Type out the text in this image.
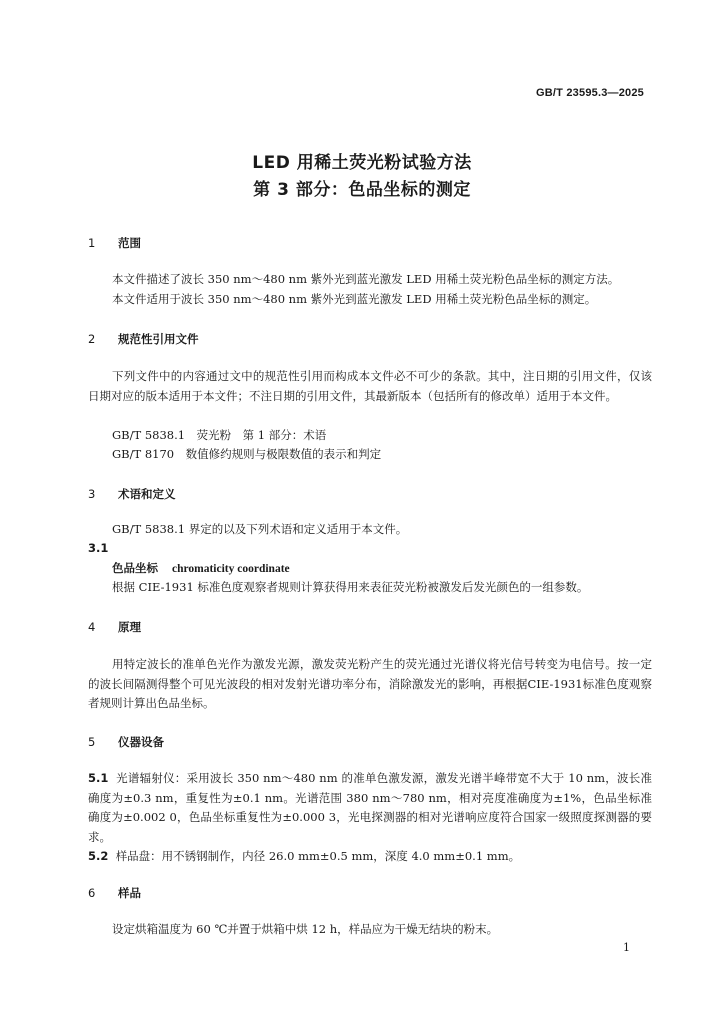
GB/T 23595.3—2025
LED 用稀土荧光粉试验方法
第 3 部分：色品坐标的测定
1 范围
本文件描述了波长 350 nm～480 nm 紫外光到蓝光激发 LED 用稀土荧光粉色品坐标的测定方法。
本文件适用于波长 350 nm～480 nm 紫外光到蓝光激发 LED 用稀土荧光粉色品坐标的测定。
2 规范性引用文件
下列文件中的内容通过文中的规范性引用而构成本文件必不可少的条款。其中，注日期的引用文件，仅该日期对应的版本适用于本文件；不注日期的引用文件，其最新版本（包括所有的修改单）适用于本文件。
GB/T 5838.1　荧光粉　第 1 部分：术语
GB/T 8170　数值修约规则与极限数值的表示和判定
3 术语和定义
GB/T 5838.1 界定的以及下列术语和定义适用于本文件。
3.1
色品坐标 chromaticity coordinate
根据 CIE-1931 标准色度观察者规则计算获得用来表征荧光粉被激发后发光颜色的一组参数。
4 原理
用特定波长的准单色光作为激发光源，激发荧光粉产生的荧光通过光谱仪将光信号转变为电信号。按一定的波长间隔测得整个可见光波段的相对发射光谱功率分布，消除激发光的影响，再根据CIE-1931标准色度观察者规则计算出色品坐标。
5 仪器设备
5.1 光谱辐射仪：采用波长 350 nm～480 nm 的准单色激发源，激发光谱半峰带宽不大于 10 nm，波长准确度为±0.3 nm，重复性为±0.1 nm。光谱范围 380 nm～780 nm，相对亮度准确度为±1%，色品坐标准确度为±0.002 0，色品坐标重复性为±0.000 3，光电探测器的相对光谱响应度符合国家一级照度探测器的要求。
5.2 样品盘：用不锈钢制作，内径 26.0 mm±0.5 mm，深度 4.0 mm±0.1 mm。
6 样品
设定烘箱温度为 60 ℃并置于烘箱中烘 12 h，样品应为干燥无结块的粉末。
1
